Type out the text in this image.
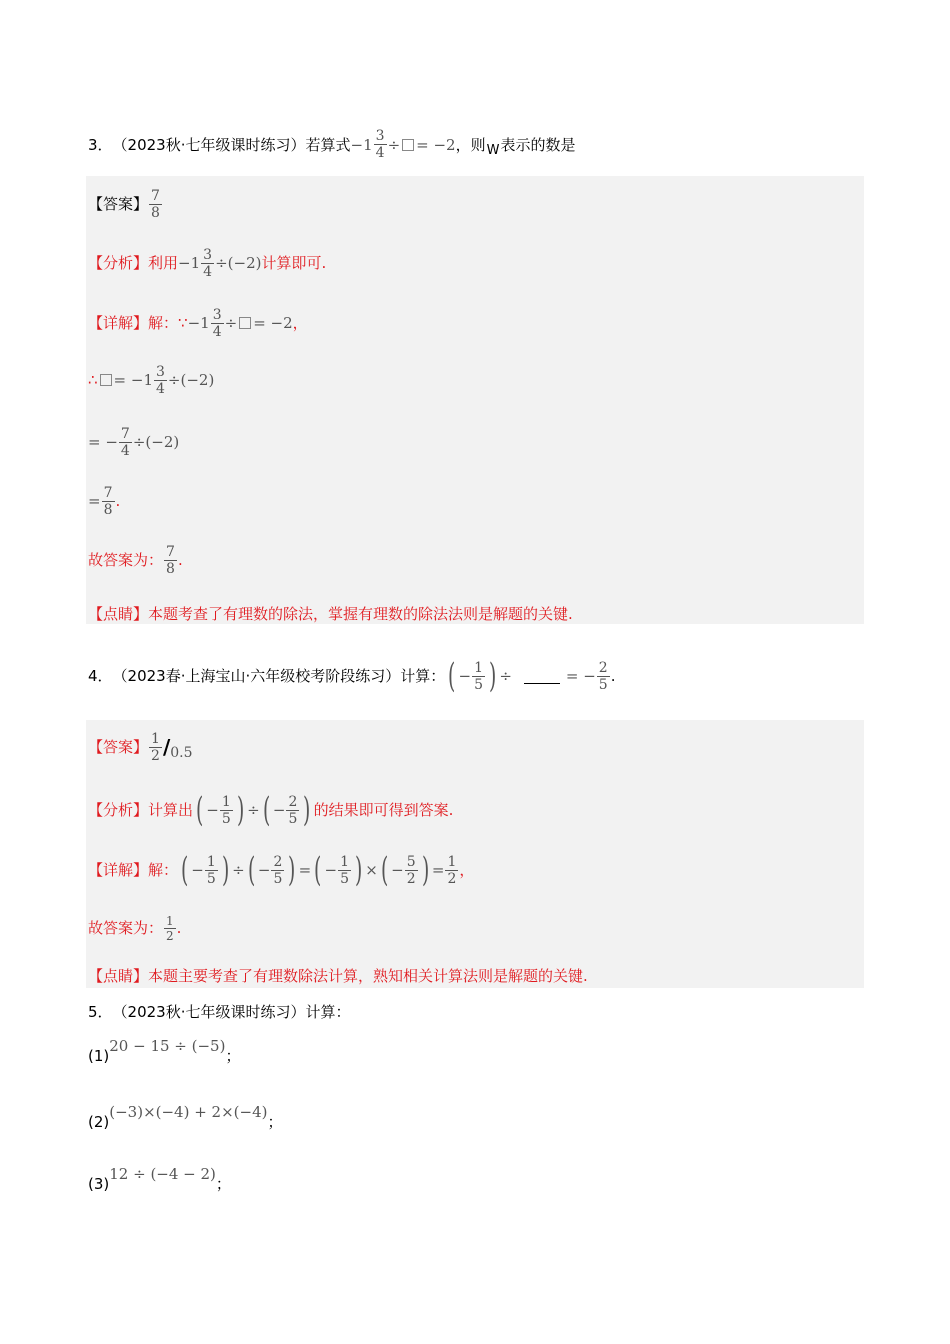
3． （2023秋·七年级课时练习） 若算式 $-1 \frac{3}{4}$ ÷ = −2 ，则 W 表示的数是
【答案】 $\frac{7}{8}$
【分析】 利用 $-1 \frac{3}{4} \div(-2)$ 计算即可.
【详解】 解：∵ $-1 \frac{3}{4}$ ÷ = −2 ，
∴	= $-1 \frac{3}{4} \div(-2)$
= − $\frac{7}{4} \div(-2)$
= $\frac{7}{8}$ .
故答案为： $\frac{7}{8}$ .
【点睛】 本题考查了有理数的除法，掌握有理数的除法法则是解题的关键.
4． （2023春·上海宝山·六年级校考阶段练习） 计算： ( − $\frac{1}{5}$ ) ÷	= − $\frac{2}{5}$ .
【答案】 $\frac{1}{2} / 0.5$
【分析】 计算出 ( − $\frac{1}{5}$ ) ÷ ( − $\frac{2}{5}$ ) 的结果即可得到答案.
【详解】 解： ( − $\frac{1}{5}$ ) ÷ ( − $\frac{2}{5}$ ) = ( − $\frac{1}{5}$ ) × ( − $\frac{5}{2}$ ) = $\frac{1}{2}$ ，
故答案为： $\frac{1}{2}$ .
【点睛】 本题主要考查了有理数除法计算，熟知相关计算法则是解题的关键.
5． （2023秋·七年级课时练习） 计算：
(1)
20 − 15 ÷ (−5)
；
(2)
(−3)×(−4) + 2×(−4)
；
(3)
12 ÷ (−4 − 2)
；
